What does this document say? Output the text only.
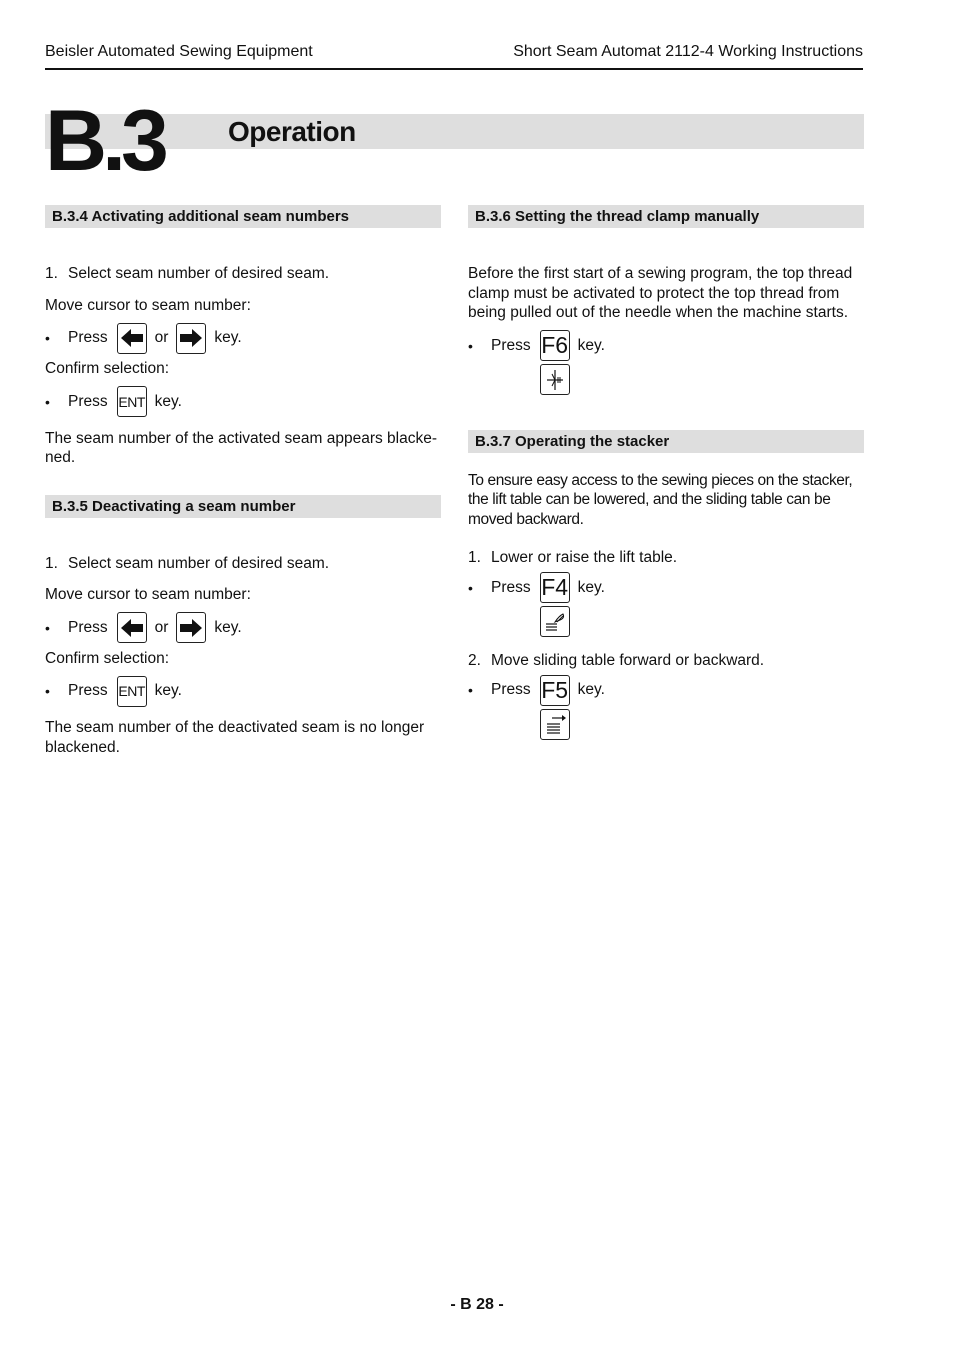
Beisler Automated Sewing Equipment	Short Seam Automat 2112-4 Working Instructions
B.3 Operation
B.3.4 Activating additional seam numbers
1. Select seam number of desired seam.
Move cursor to seam number:
•	Press	or	key.
Confirm selection:
•	Press ENT key.
The seam number of the activated seam appears blacke-ned.
B.3.5 Deactivating a seam number
1. Select seam number of desired seam.
Move cursor to seam number:
•	Press	or	key.
Confirm selection:
•	Press ENT key.
The seam number of the deactivated seam is no longer blackened.
B.3.6 Setting the thread clamp manually
Before the first start of a sewing program, the top thread clamp must be activated to protect the top thread from being pulled out of the needle when the machine starts.
•	Press F6 key.
B.3.7 Operating the stacker
To ensure easy access to the sewing pieces on the stacker, the lift table can be lowered, and the sliding table can be moved backward.
1. Lower or raise the lift table.
•	Press F4 key.
2. Move sliding table forward or backward.
•	Press F5 key.
- B 28 -
